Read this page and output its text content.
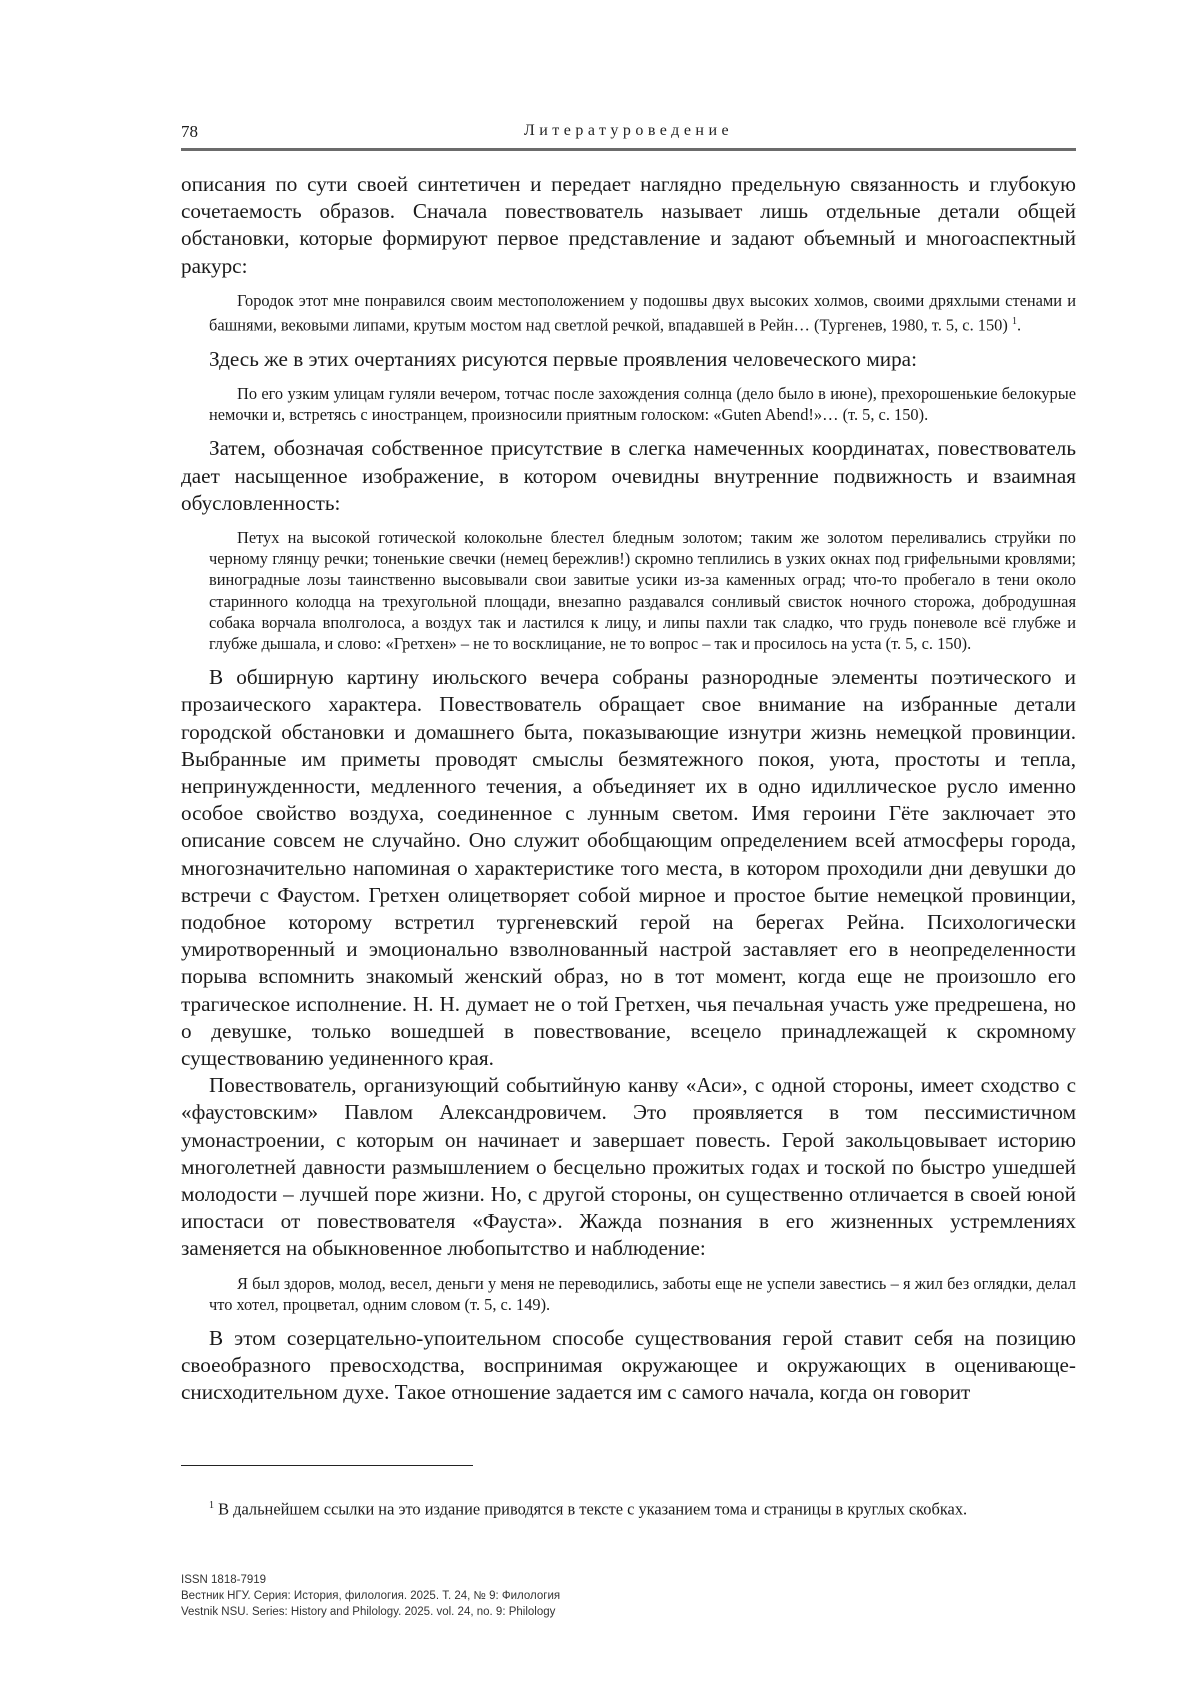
78	Литературоведение

описания по сути своей синтетичен и передает наглядно предельную связанность и глубокую сочетаемость образов. Сначала повествователь называет лишь отдельные детали общей обстановки, которые формируют первое представление и задают объемный и многоаспектный ракурс:

Городок этот мне понравился своим местоположением у подошвы двух высоких холмов, своими дряхлыми стенами и башнями, вековыми липами, крутым мостом над светлой речкой, впадавшей в Рейн… (Тургенев, 1980, т. 5, с. 150) $^1$.

Здесь же в этих очертаниях рисуются первые проявления человеческого мира:

По его узким улицам гуляли вечером, тотчас после захождения солнца (дело было в июне), прехорошенькие белокурые немочки и, встретясь с иностранцем, произносили приятным голоском: «Guten Abend!»… (т. 5, с. 150).

Затем, обозначая собственное присутствие в слегка намеченных координатах, повествователь дает насыщенное изображение, в котором очевидны внутренние подвижность и взаимная обусловленность:

Петух на высокой готической колокольне блестел бледным золотом; таким же золотом переливались струйки по черному глянцу речки; тоненькие свечки (немец бережлив!) скромно теплились в узких окнах под грифельными кровлями; виноградные лозы таинственно высовывали свои завитые усики из-за каменных оград; что-то пробегало в тени около старинного колодца на трехугольной площади, внезапно раздавался сонливый свисток ночного сторожа, добродушная собака ворчала вполголоса, а воздух так и ластился к лицу, и липы пахли так сладко, что грудь поневоле всё глубже и глубже дышала, и слово: «Гретхен» – не то восклицание, не то вопрос – так и просилось на уста (т. 5, с. 150).

В обширную картину июльского вечера собраны разнородные элементы поэтического и прозаического характера. Повествователь обращает свое внимание на избранные детали городской обстановки и домашнего быта, показывающие изнутри жизнь немецкой провинции. Выбранные им приметы проводят смыслы безмятежного покоя, уюта, простоты и тепла, непринужденности, медленного течения, а объединяет их в одно идиллическое русло именно особое свойство воздуха, соединенное с лунным светом. Имя героини Гёте заключает это описание совсем не случайно. Оно служит обобщающим определением всей атмосферы города, многозначительно напоминая о характеристике того места, в котором проходили дни девушки до встречи с Фаустом. Гретхен олицетворяет собой мирное и простое бытие немецкой провинции, подобное которому встретил тургеневский герой на берегах Рейна. Психологически умиротворенный и эмоционально взволнованный настрой заставляет его в неопределенности порыва вспомнить знакомый женский образ, но в тот момент, когда еще не произошло его трагическое исполнение. Н. Н. думает не о той Гретхен, чья печальная участь уже предрешена, но о девушке, только вошедшей в повествование, всецело принадлежащей к скромному существованию уединенного края.

Повествователь, организующий событийную канву «Аси», с одной стороны, имеет сходство с «фаустовским» Павлом Александровичем. Это проявляется в том пессимистичном умонастроении, с которым он начинает и завершает повесть. Герой закольцовывает историю многолетней давности размышлением о бесцельно прожитых годах и тоской по быстро ушедшей молодости – лучшей поре жизни. Но, с другой стороны, он существенно отличается в своей юной ипостаси от повествователя «Фауста». Жажда познания в его жизненных устремлениях заменяется на обыкновенное любопытство и наблюдение:

Я был здоров, молод, весел, деньги у меня не переводились, заботы еще не успели завестись – я жил без оглядки, делал что хотел, процветал, одним словом (т. 5, с. 149).

В этом созерцательно-упоительном способе существования герой ставит себя на позицию своеобразного превосходства, воспринимая окружающее и окружающих в оценивающе-снисходительном духе. Такое отношение задается им с самого начала, когда он говорит

$^1$ В дальнейшем ссылки на это издание приводятся в тексте с указанием тома и страницы в круглых скобках.

ISSN 1818-7919
Вестник НГУ. Серия: История, филология. 2025. Т. 24, № 9: Филология
Vestnik NSU. Series: History and Philology. 2025. vol. 24, no. 9: Philology
